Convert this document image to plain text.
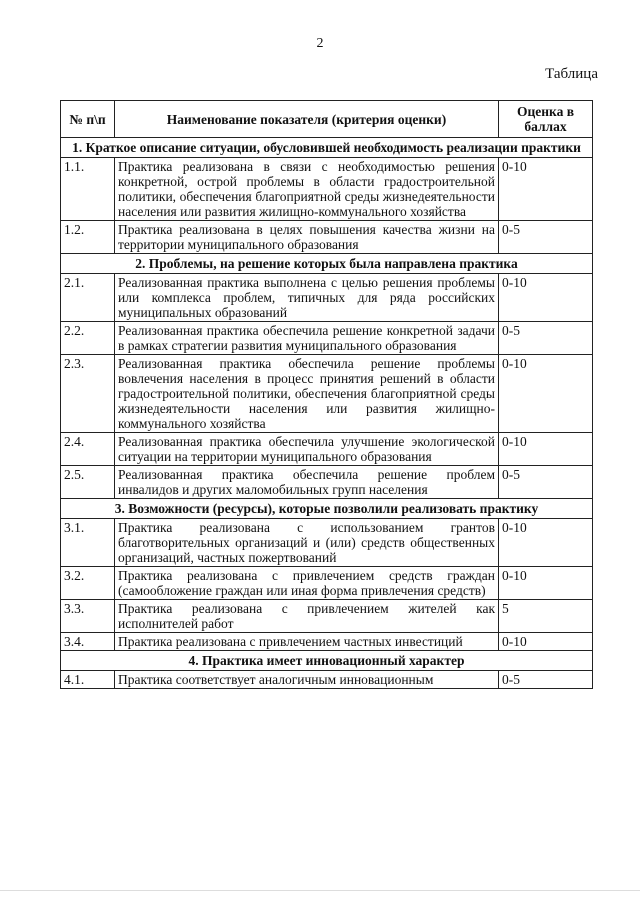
2
Таблица
№ п\п	Наименование показателя (критерия оценки)	Оценка в баллах
1. Краткое описание ситуации, обусловившей необходимость реализации практики		
1.1.	Практика реализована в связи с необходимостью решения конкретной, острой проблемы в области градостроительной политики, обеспечения благоприятной среды жизнедеятельности населения или развития жилищно-коммунального хозяйства	0-10
1.2.	Практика реализована в целях повышения качества жизни на территории муниципального образования	0-5
2. Проблемы, на решение которых была направлена практика		
2.1.	Реализованная практика выполнена с целью решения проблемы или комплекса проблем, типичных для ряда российских муниципальных образований	0-10
2.2.	Реализованная практика обеспечила решение конкретной задачи в рамках стратегии развития муниципального образования	0-5
2.3.	Реализованная практика обеспечила решение проблемы вовлечения населения в процесс принятия решений в области градостроительной политики, обеспечения благоприятной среды жизнедеятельности населения или развития жилищно-коммунального хозяйства	0-10
2.4.	Реализованная практика обеспечила улучшение экологической ситуации на территории муниципального образования	0-10
2.5.	Реализованная практика обеспечила решение проблем инвалидов и других маломобильных групп населения	0-5
3. Возможности (ресурсы), которые позволили реализовать практику		
3.1.	Практика реализована с использованием грантов благотворительных организаций и (или) средств общественных организаций, частных пожертвований	0-10
3.2.	Практика реализована с привлечением средств граждан (самообложение граждан или иная форма привлечения средств)	0-10
3.3.	Практика реализована с привлечением жителей как исполнителей работ	5
3.4.	Практика реализована с привлечением частных инвестиций	0-10
4. Практика имеет инновационный характер		
4.1.	Практика соответствует аналогичным инновационным	0-5
